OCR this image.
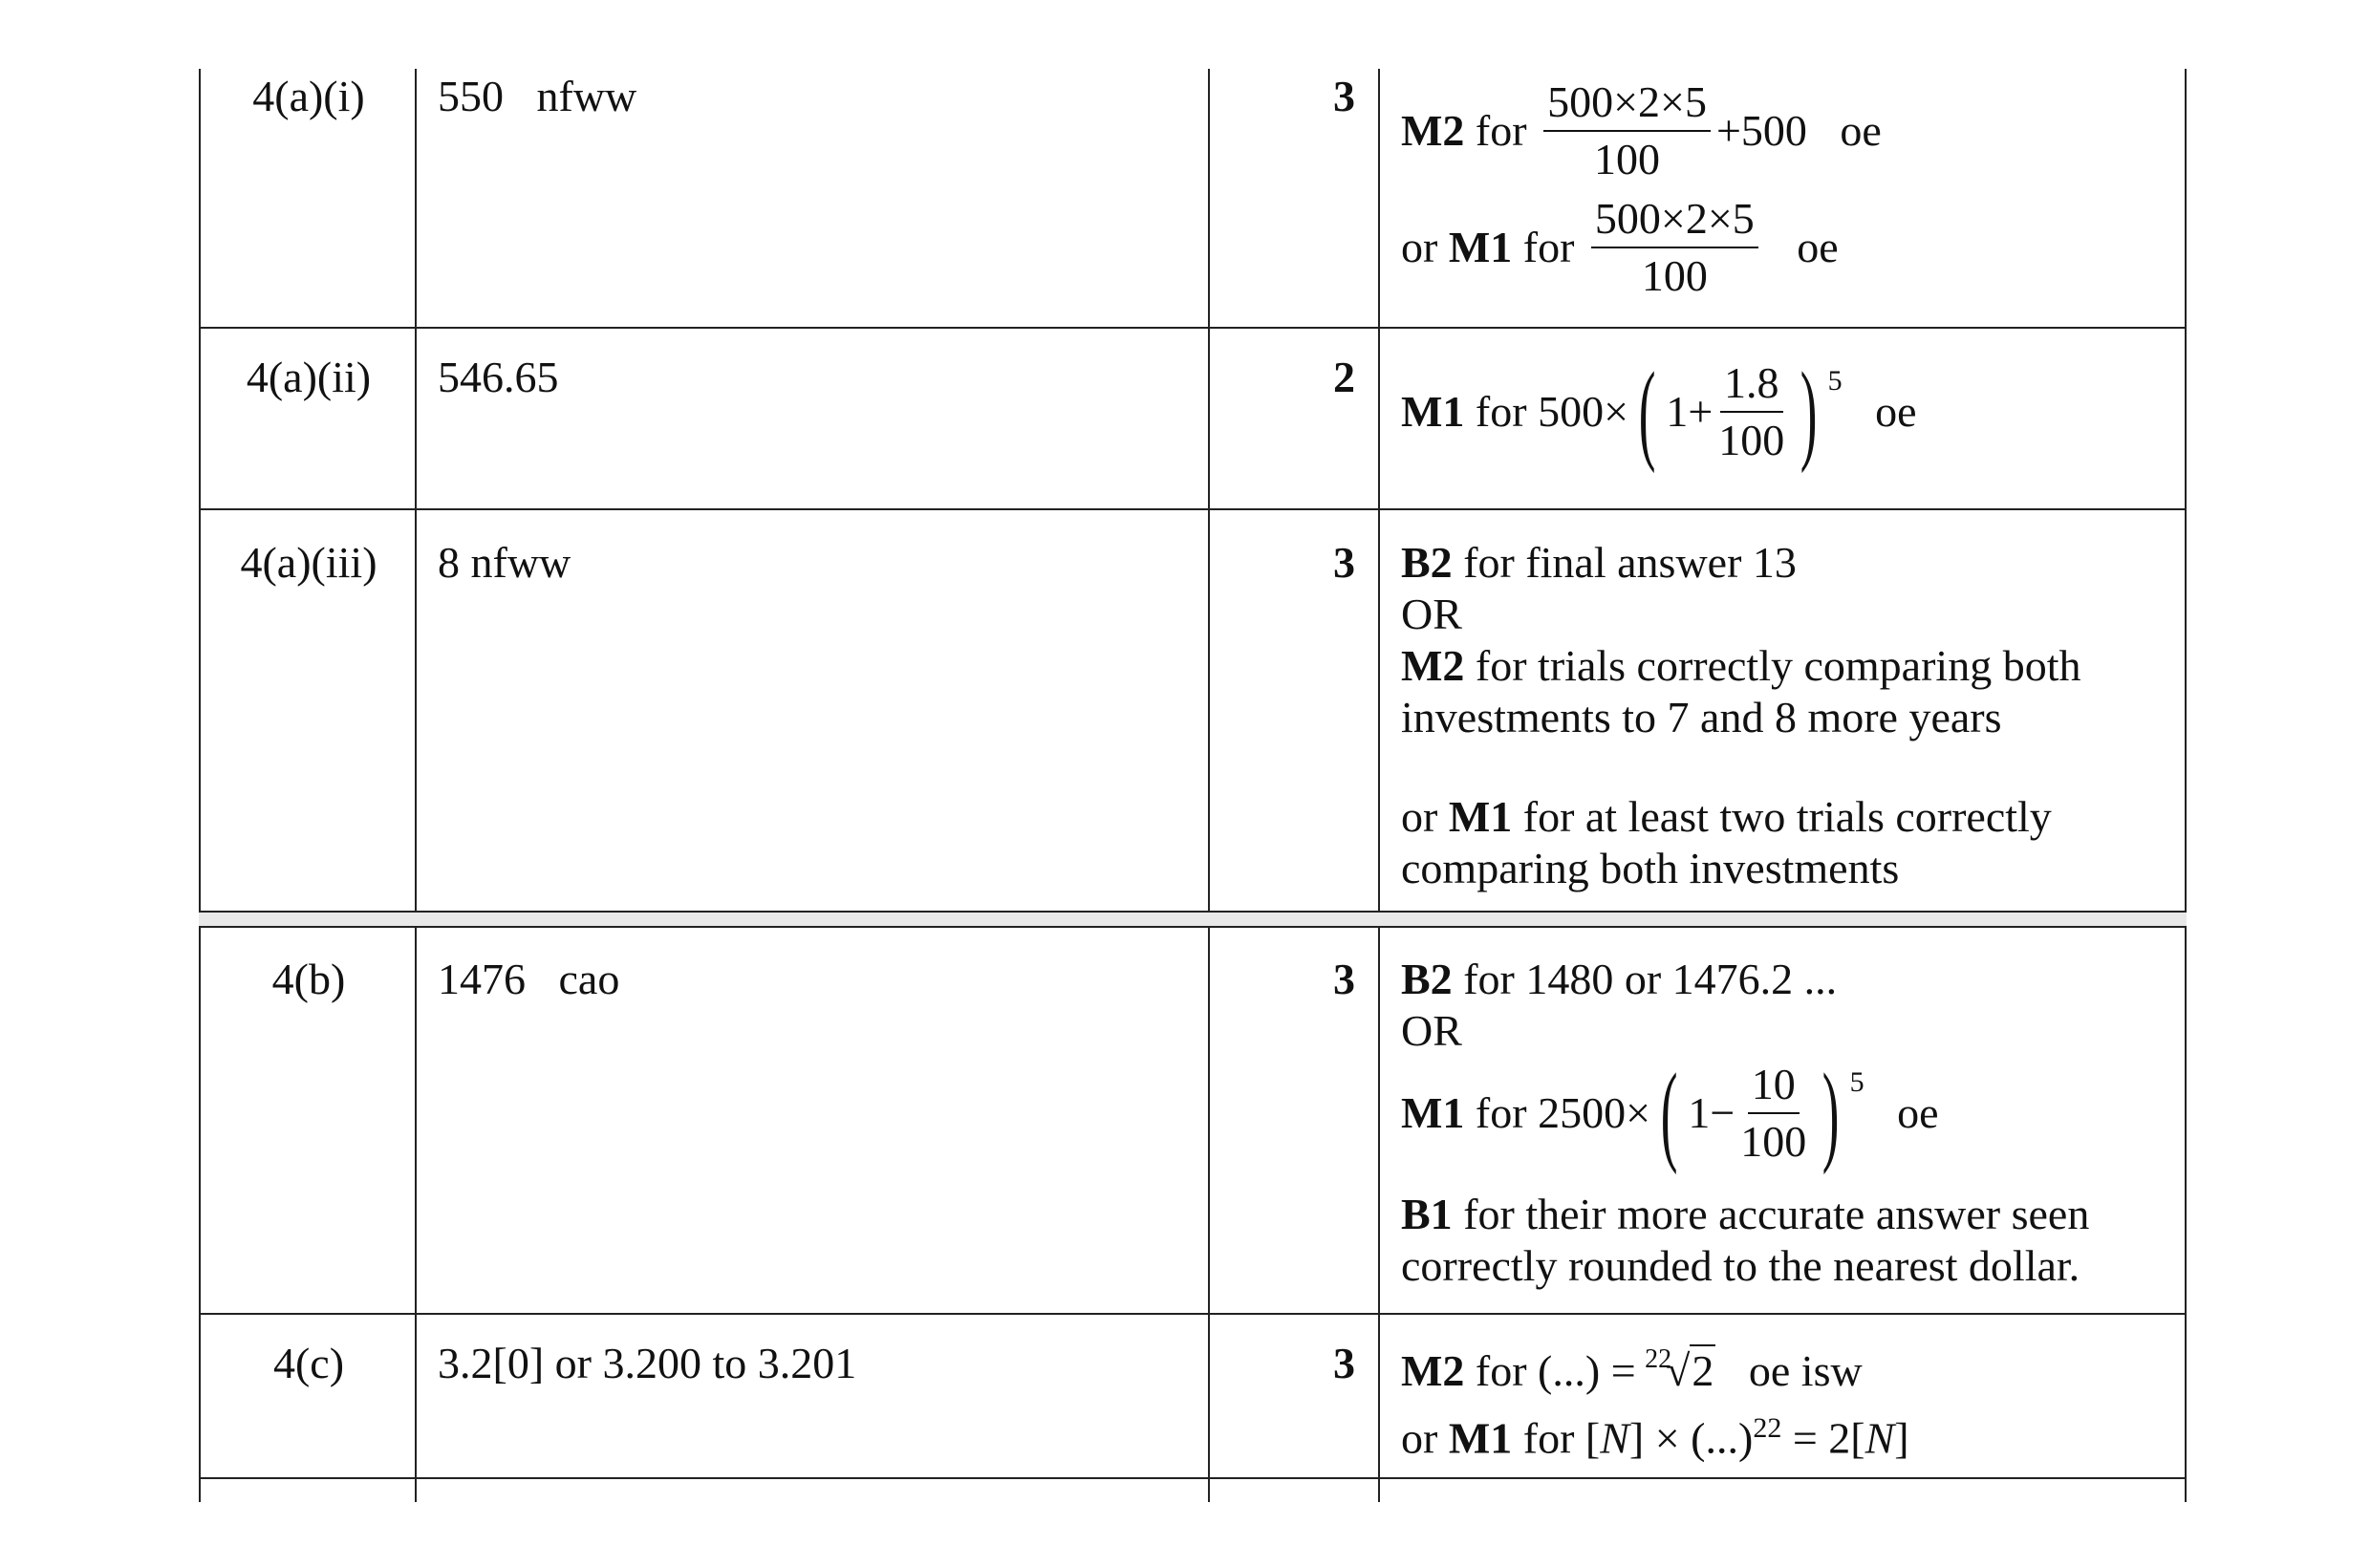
4(a)(i)	550   nfww	3
M2
for
$\frac{500\times 2\times 5}{100} +500$
oe
or
M1
for
$\frac{500\times 2\times 5}{100}$
oe
4(a)(ii)	546.65	2
M1
for
500× ( $1+ \frac{1.8}{100}$ ) 5

oe
4(a)(iii)	8 nfww	3 B2 for final answer 13
OR
M2 for trials correctly comparing both
investments to 7 and 8 more years
or M1 for at least two trials correctly
comparing both investments
4(b)	1476   cao	3 B2 for 1480 or 1476.2 ...
OR
M1
for
2500× ( $1- \frac{10}{100}$ ) 5

oe
B1 for their more accurate answer seen
correctly rounded to the nearest dollar.
4(c)	3.2[0] or 3.200 to 3.201	3 M2 for (...) = 22
√2 oe isw
or M1 for [N] × (...)$^{22}$ = 2[N]
